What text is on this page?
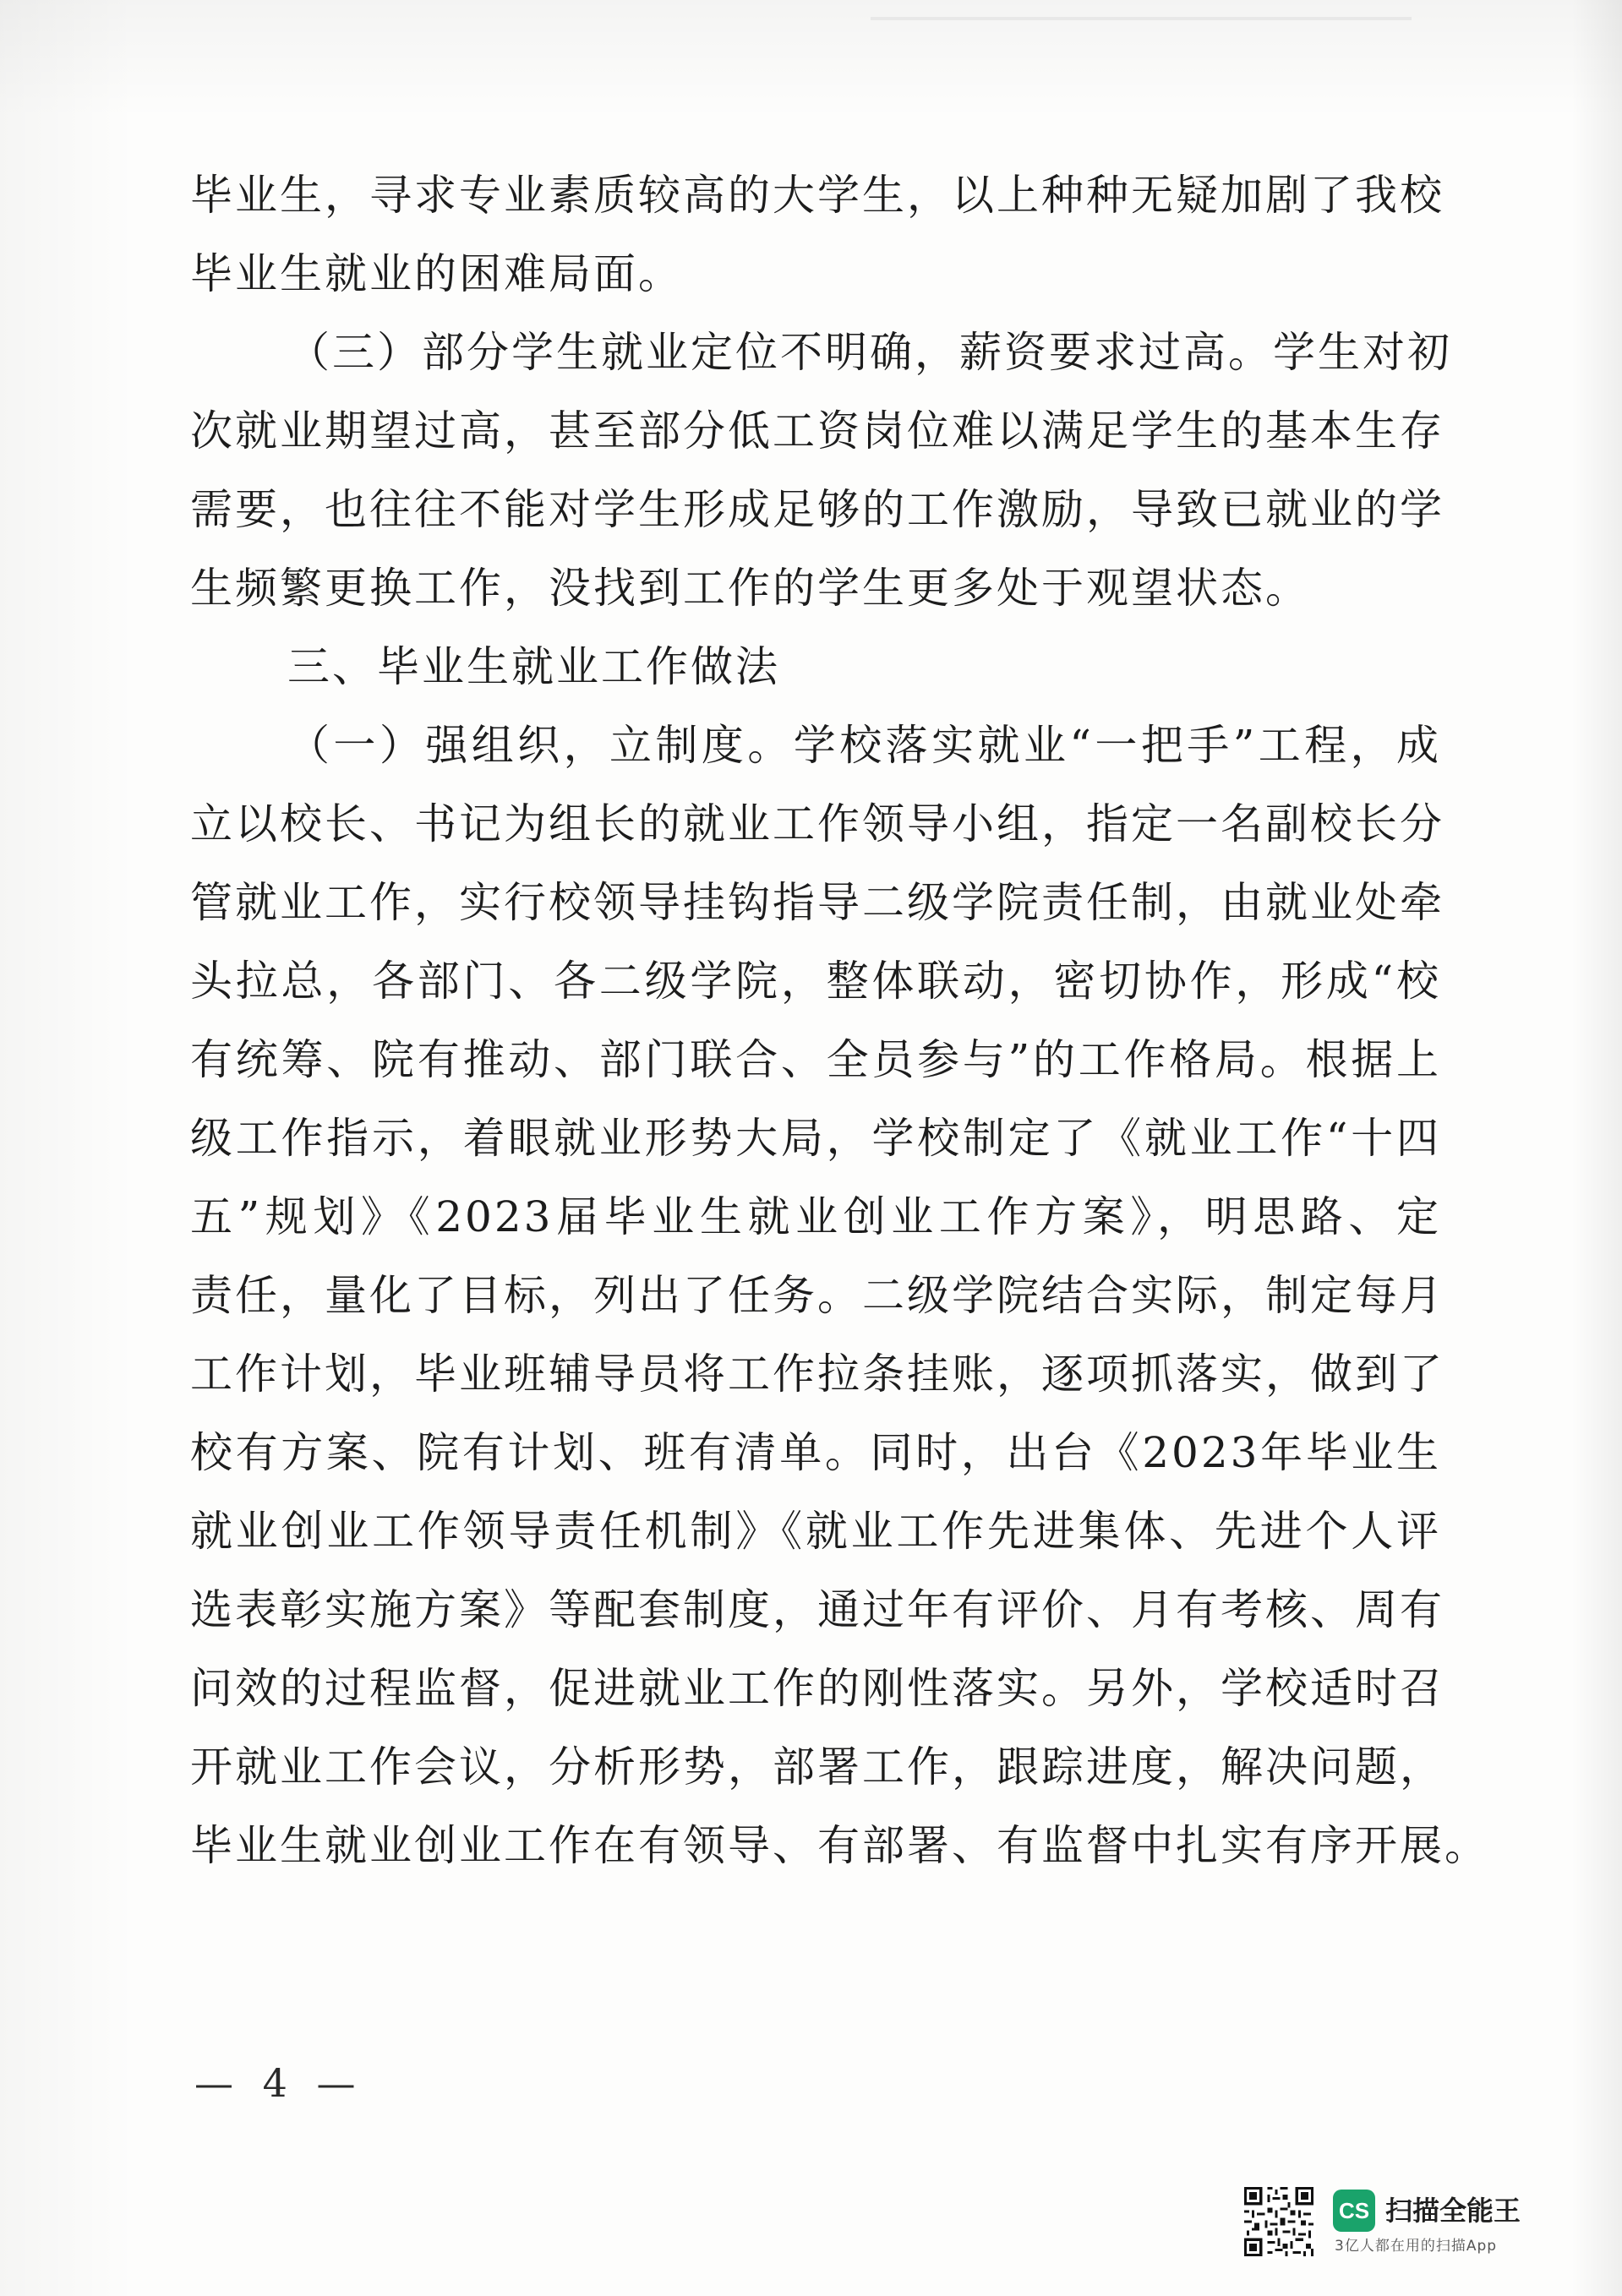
毕业生，寻求专业素质较高的大学生，以上种种无疑加剧了我校
毕业生就业的困难局面。
（三）部分学生就业定位不明确，薪资要求过高。学生对初
次就业期望过高，甚至部分低工资岗位难以满足学生的基本生存
需要，也往往不能对学生形成足够的工作激励，导致已就业的学
生频繁更换工作，没找到工作的学生更多处于观望状态。
三、毕业生就业工作做法
（一）强组织，立制度。学校落实就业“一把手”工程，成
立以校长、书记为组长的就业工作领导小组，指定一名副校长分
管就业工作，实行校领导挂钩指导二级学院责任制，由就业处牵
头拉总，各部门、各二级学院，整体联动，密切协作，形成“校
有统筹、院有推动、部门联合、全员参与”的工作格局。根据上
级工作指示，着眼就业形势大局，学校制定了《就业工作“十四
五”规划》《2023届毕业生就业创业工作方案》，明思路、定
责任，量化了目标，列出了任务。二级学院结合实际，制定每月
工作计划，毕业班辅导员将工作拉条挂账，逐项抓落实，做到了
校有方案、院有计划、班有清单。同时，出台《2023年毕业生
就业创业工作领导责任机制》《就业工作先进集体、先进个人评
选表彰实施方案》等配套制度，通过年有评价、月有考核、周有
问效的过程监督，促进就业工作的刚性落实。另外，学校适时召
开就业工作会议，分析形势，部署工作，跟踪进度，解决问题，
毕业生就业创业工作在有领导、有部署、有监督中扎实有序开展。
— 4 —
CS 扫描全能王
3亿人都在用的扫描App
